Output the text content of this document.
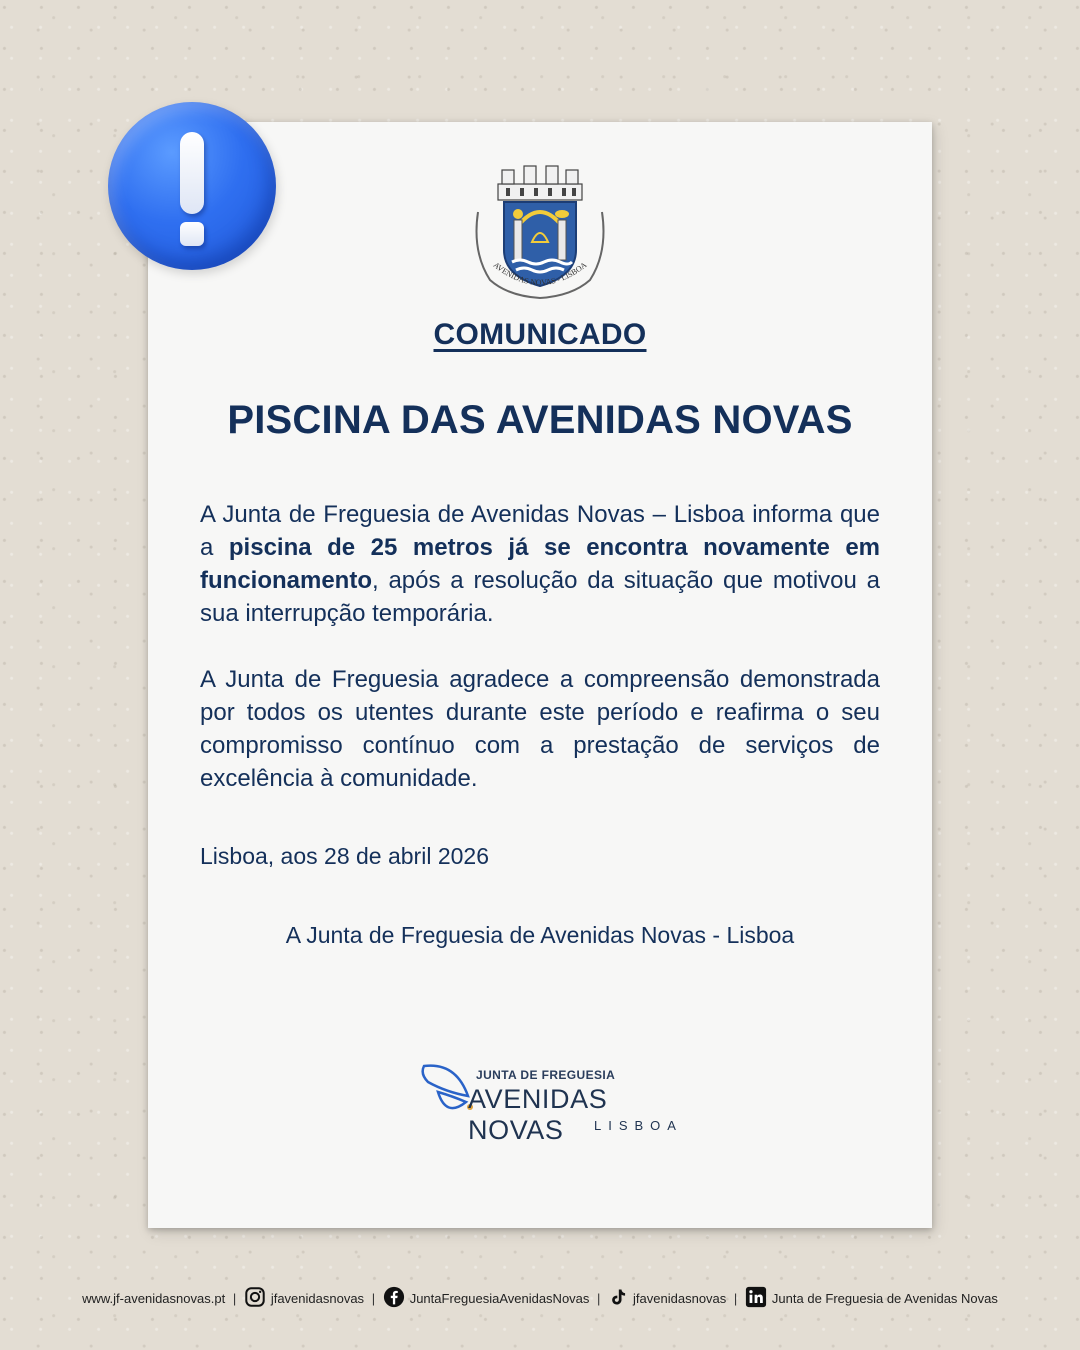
AVENIDAS NOVAS - LISBOA
COMUNICADO
PISCINA DAS AVENIDAS NOVAS

A Junta de Freguesia de Avenidas Novas – Lisboa informa que a piscina de 25 metros já se encontra novamente em funcionamento, após a resolução da situação que motivou a sua interrupção temporária.

A Junta de Freguesia agradece a compreensão demonstrada por todos os utentes durante este período e reafirma o seu compromisso contínuo com a prestação de serviços de excelência à comunidade.

Lisboa, aos 28 de abril 2026
A Junta de Freguesia de Avenidas Novas - Lisboa
JUNTA DE FREGUESIA
AVENIDAS NOVAS	LISBOA
www.jf-avenidasnovas.pt |	jfavenidasnovas |	JuntaFreguesiaAvenidasNovas |	jfavenidasnovas |	Junta de Freguesia de Avenidas Novas
